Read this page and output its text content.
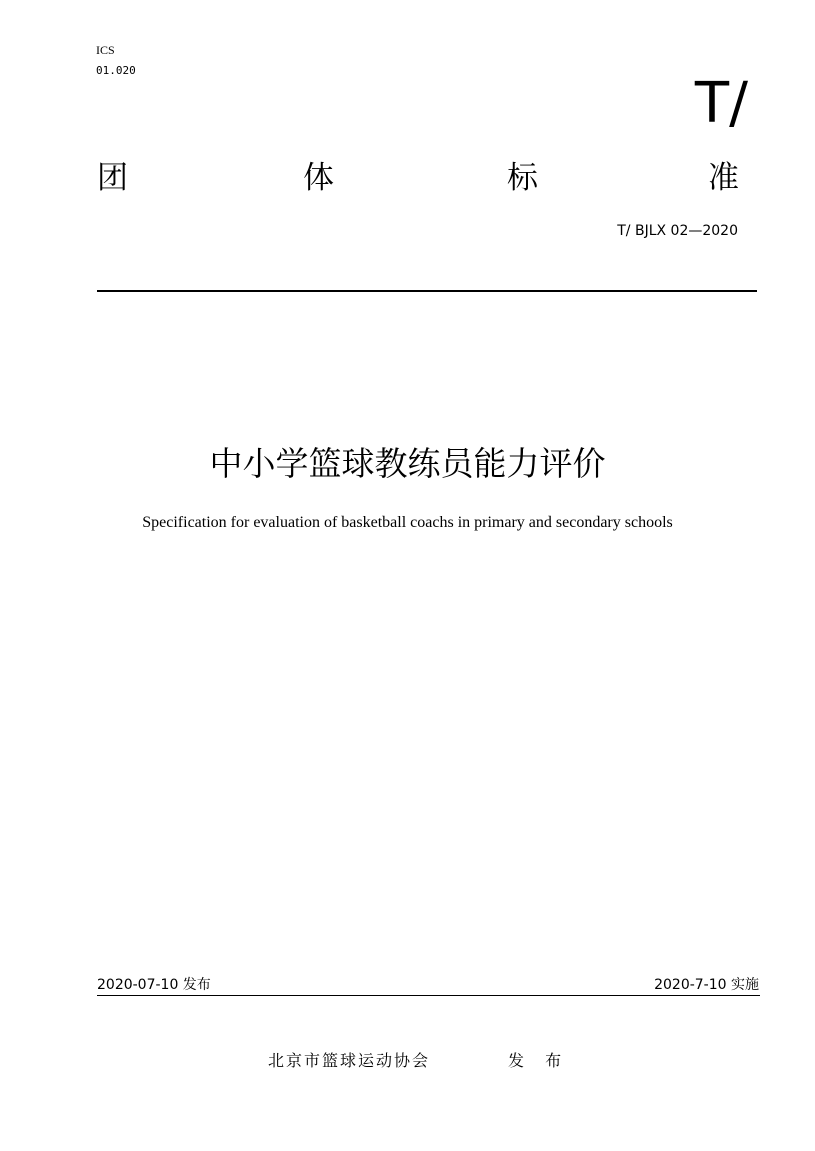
ICS
01.020
T/
团	体	标	准
T/ BJLX 02—2020
中小学篮球教练员能力评价
Specification for evaluation of basketball coachs in primary and secondary schools
2020-07-10 发布	2020-7-10 实施
北京市篮球运动协会	发 布
